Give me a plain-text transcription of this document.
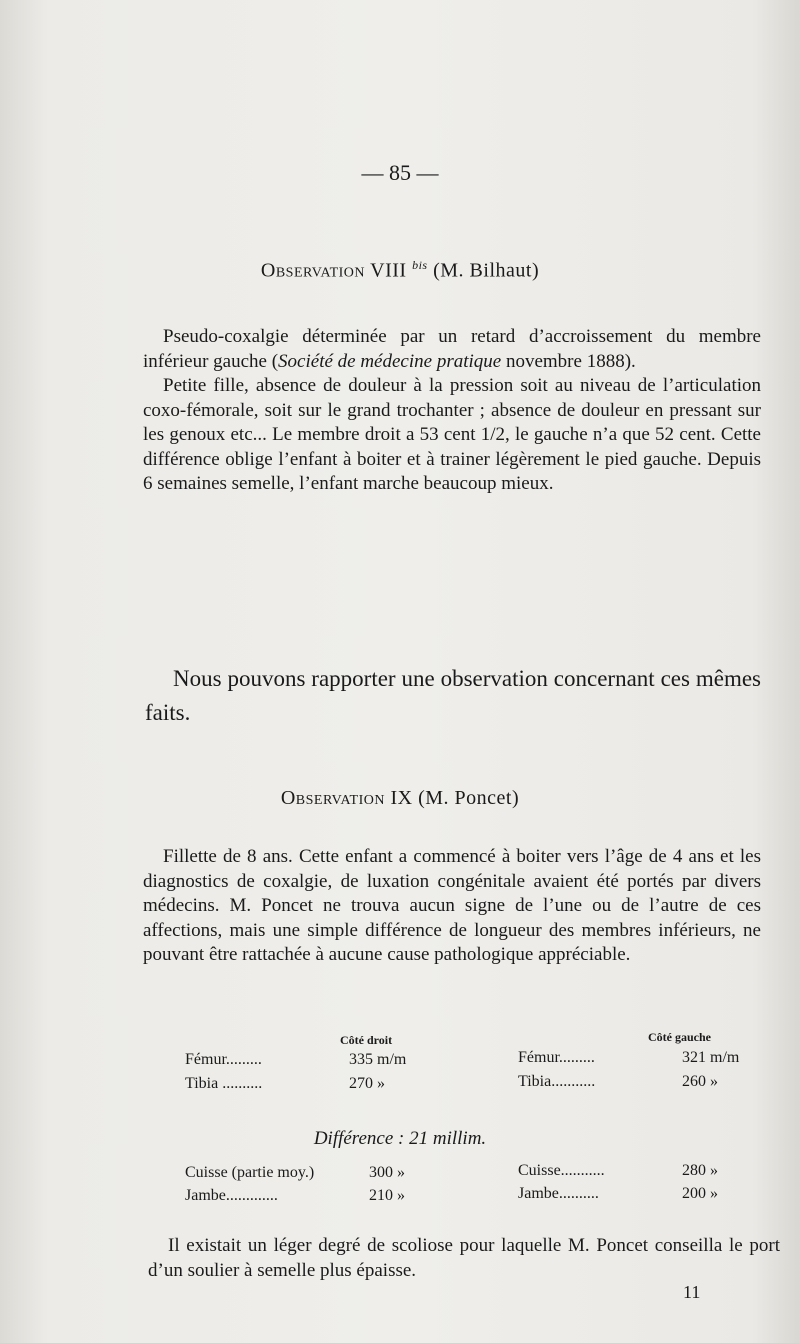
— 85 —
Observation VIII $^{bis}$ (M. Bilhaut)

Pseudo-coxalgie déterminée par un retard d’accroissement du membre inférieur gauche (Société de médecine pratique novembre 1888).

Petite fille, absence de douleur à la pression soit au niveau de l’articulation coxo-fémorale, soit sur le grand trochanter ; absence de douleur en pressant sur les genoux etc... Le membre droit a 53 cent 1/2, le gauche n’a que 52 cent. Cette différence oblige l’enfant à boiter et à trainer légèrement le pied gauche. Depuis 6 semaines semelle, l’enfant marche beaucoup mieux.

Nous pouvons rapporter une observation concernant ces mêmes faits.
Observation IX (M. Poncet)

Fillette de 8 ans. Cette enfant a commencé à boiter vers l’âge de 4 ans et les diagnostics de coxalgie, de luxation congénitale avaient été portés par divers médecins. M. Poncet ne trouva aucun signe de l’une ou de l’autre de ces affections, mais une simple différence de longueur des membres inférieurs, ne pouvant être rattachée à aucune cause pathologique appréciable.

Côté droit	Côté gauche
Fémur.........	335 m/m	Fémur.........	321 m/m
Tibia ..........	270 »	Tibia...........	260 »
Différence : 21 millim.
Cuisse (partie moy.)	300 »	Cuisse...........	280 »
Jambe.............	210 »	Jambe..........	200 »

Il existait un léger degré de scoliose pour laquelle M. Poncet conseilla le port d’un soulier à semelle plus épaisse.

11
